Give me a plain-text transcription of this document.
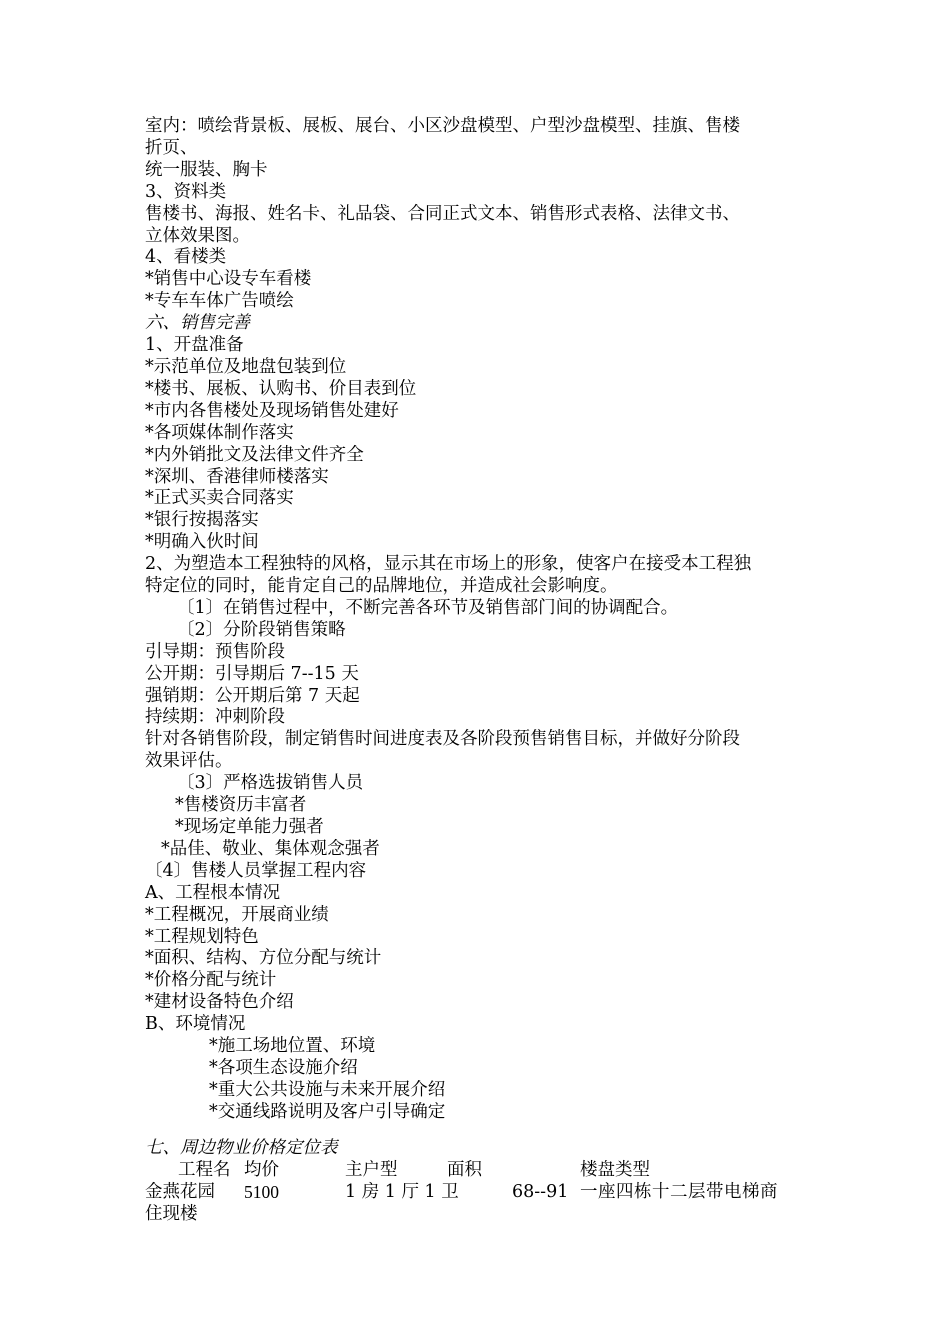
室内：喷绘背景板、展板、展台、小区沙盘模型、户型沙盘模型、挂旗、售楼
折页、
统一服装、胸卡
3、资料类
售楼书、海报、姓名卡、礼品袋、合同正式文本、销售形式表格、法律文书、
立体效果图。
4、看楼类
*销售中心设专车看楼
*专车车体广告喷绘
六、销售完善
1、开盘准备
*示范单位及地盘包装到位
*楼书、展板、认购书、价目表到位
*市内各售楼处及现场销售处建好
*各项媒体制作落实
*内外销批文及法律文件齐全
*深圳、香港律师楼落实
*正式买卖合同落实
*银行按揭落实
*明确入伙时间
2、为塑造本工程独特的风格，显示其在市场上的形象，使客户在接受本工程独
特定位的同时，能肯定自己的品牌地位，并造成社会影响度。
〔1〕在销售过程中，不断完善各环节及销售部门间的协调配合。
〔2〕分阶段销售策略
引导期：预售阶段
公开期：引导期后 7--15 天
强销期：公开期后第 7 天起
持续期：冲刺阶段
针对各销售阶段，制定销售时间进度表及各阶段预售销售目标，并做好分阶段
效果评估。
〔3〕严格选拔销售人员
*售楼资历丰富者
*现场定单能力强者
*品佳、敬业、集体观念强者
〔4〕售楼人员掌握工程内容
A、工程根本情况
*工程概况，开展商业绩
*工程规划特色
*面积、结构、方位分配与统计
*价格分配与统计
*建材设备特色介绍
B、环境情况
*施工场地位置、环境
*各项生态设施介绍
*重大公共设施与未来开展介绍
*交通线路说明及客户引导确定
七、周边物业价格定位表
工程名 均价	主户型	面积	楼盘类型
金燕花园 5100	1 房 1 厅 1 卫	68--91 一座四栋十二层带电梯商
住现楼
